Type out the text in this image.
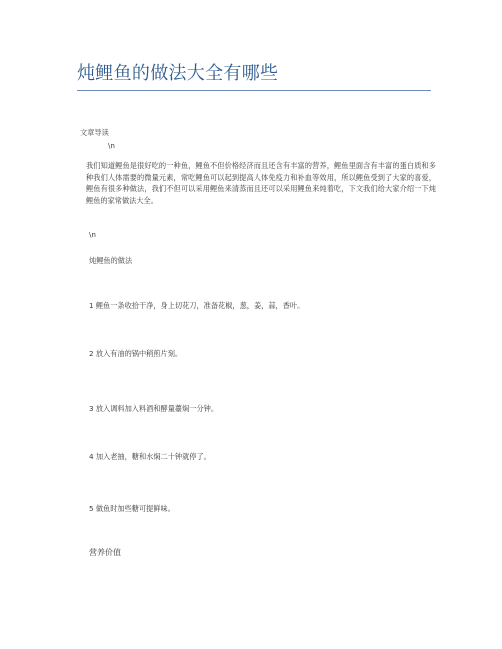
炖鲤鱼的做法大全有哪些
文章导读
\n
我们知道鲤鱼是很好吃的一种鱼，鲤鱼不但价格经济而且还含有丰富的营养，鲤鱼里面含有丰富的蛋白质和多种我们人体需要的微量元素，常吃鲤鱼可以起到提高人体免疫力和补血等效用，所以鲤鱼受到了大家的喜爱，鲤鱼有很多种做法，我们不但可以采用鲤鱼来清蒸而且还可以采用鲤鱼来炖着吃，下文我们给大家介绍一下炖鲤鱼的家常做法大全。
\n
炖鲤鱼的做法
1 鲤鱼一条收拾干净，身上切花刀，准备花椒，葱，姜，蒜，香叶。
2 放入有油的锅中稍煎片刻。
3 放入调料加入料酒和酵量薹焖一分钟。
4 加入老抽，糖和水焖二十钟就停了。
5 做鱼时加些糖可提鲜味。
营养价值
